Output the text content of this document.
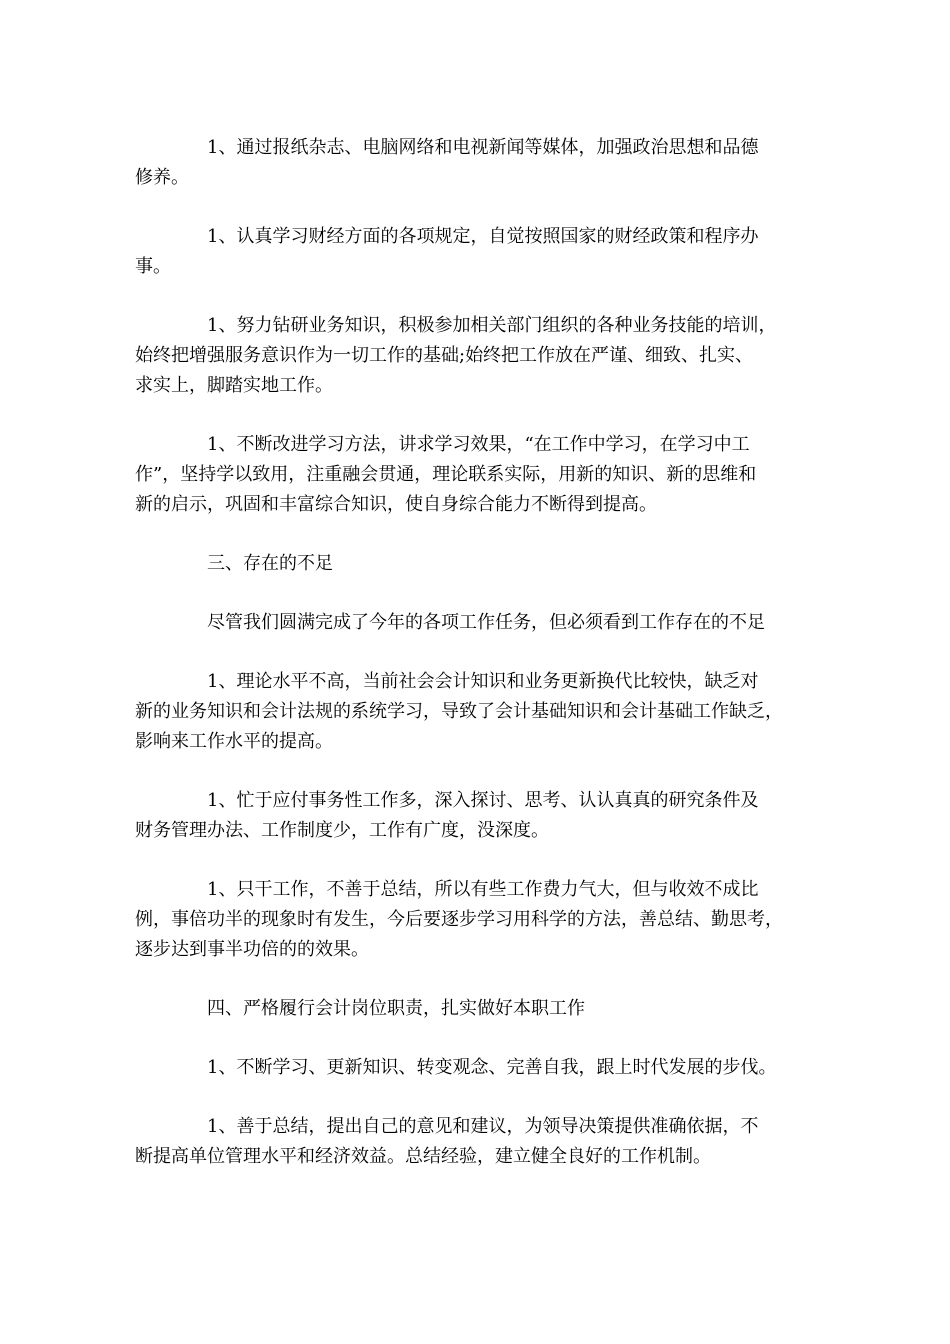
1、通过报纸杂志、电脑网络和电视新闻等媒体，加强政治思想和品德
修养。

1、认真学习财经方面的各项规定，自觉按照国家的财经政策和程序办
事。

1、努力钻研业务知识，积极参加相关部门组织的各种业务技能的培训，
始终把增强服务意识作为一切工作的基础;始终把工作放在严谨、细致、扎实、
求实上，脚踏实地工作。

1、不断改进学习方法，讲求学习效果，“在工作中学习，在学习中工
作”，坚持学以致用，注重融会贯通，理论联系实际，用新的知识、新的思维和
新的启示，巩固和丰富综合知识，使自身综合能力不断得到提高。

三、存在的不足

尽管我们圆满完成了今年的各项工作任务，但必须看到工作存在的不足

1、理论水平不高，当前社会会计知识和业务更新换代比较快，缺乏对
新的业务知识和会计法规的系统学习，导致了会计基础知识和会计基础工作缺乏，
影响来工作水平的提高。

1、忙于应付事务性工作多，深入探讨、思考、认认真真的研究条件及
财务管理办法、工作制度少，工作有广度，没深度。

1、只干工作，不善于总结，所以有些工作费力气大，但与收效不成比
例，事倍功半的现象时有发生，今后要逐步学习用科学的方法，善总结、勤思考，
逐步达到事半功倍的的效果。

四、严格履行会计岗位职责，扎实做好本职工作

1、不断学习、更新知识、转变观念、完善自我，跟上时代发展的步伐。

1、善于总结，提出自己的意见和建议，为领导决策提供准确依据，不
断提高单位管理水平和经济效益。总结经验，建立健全良好的工作机制。
